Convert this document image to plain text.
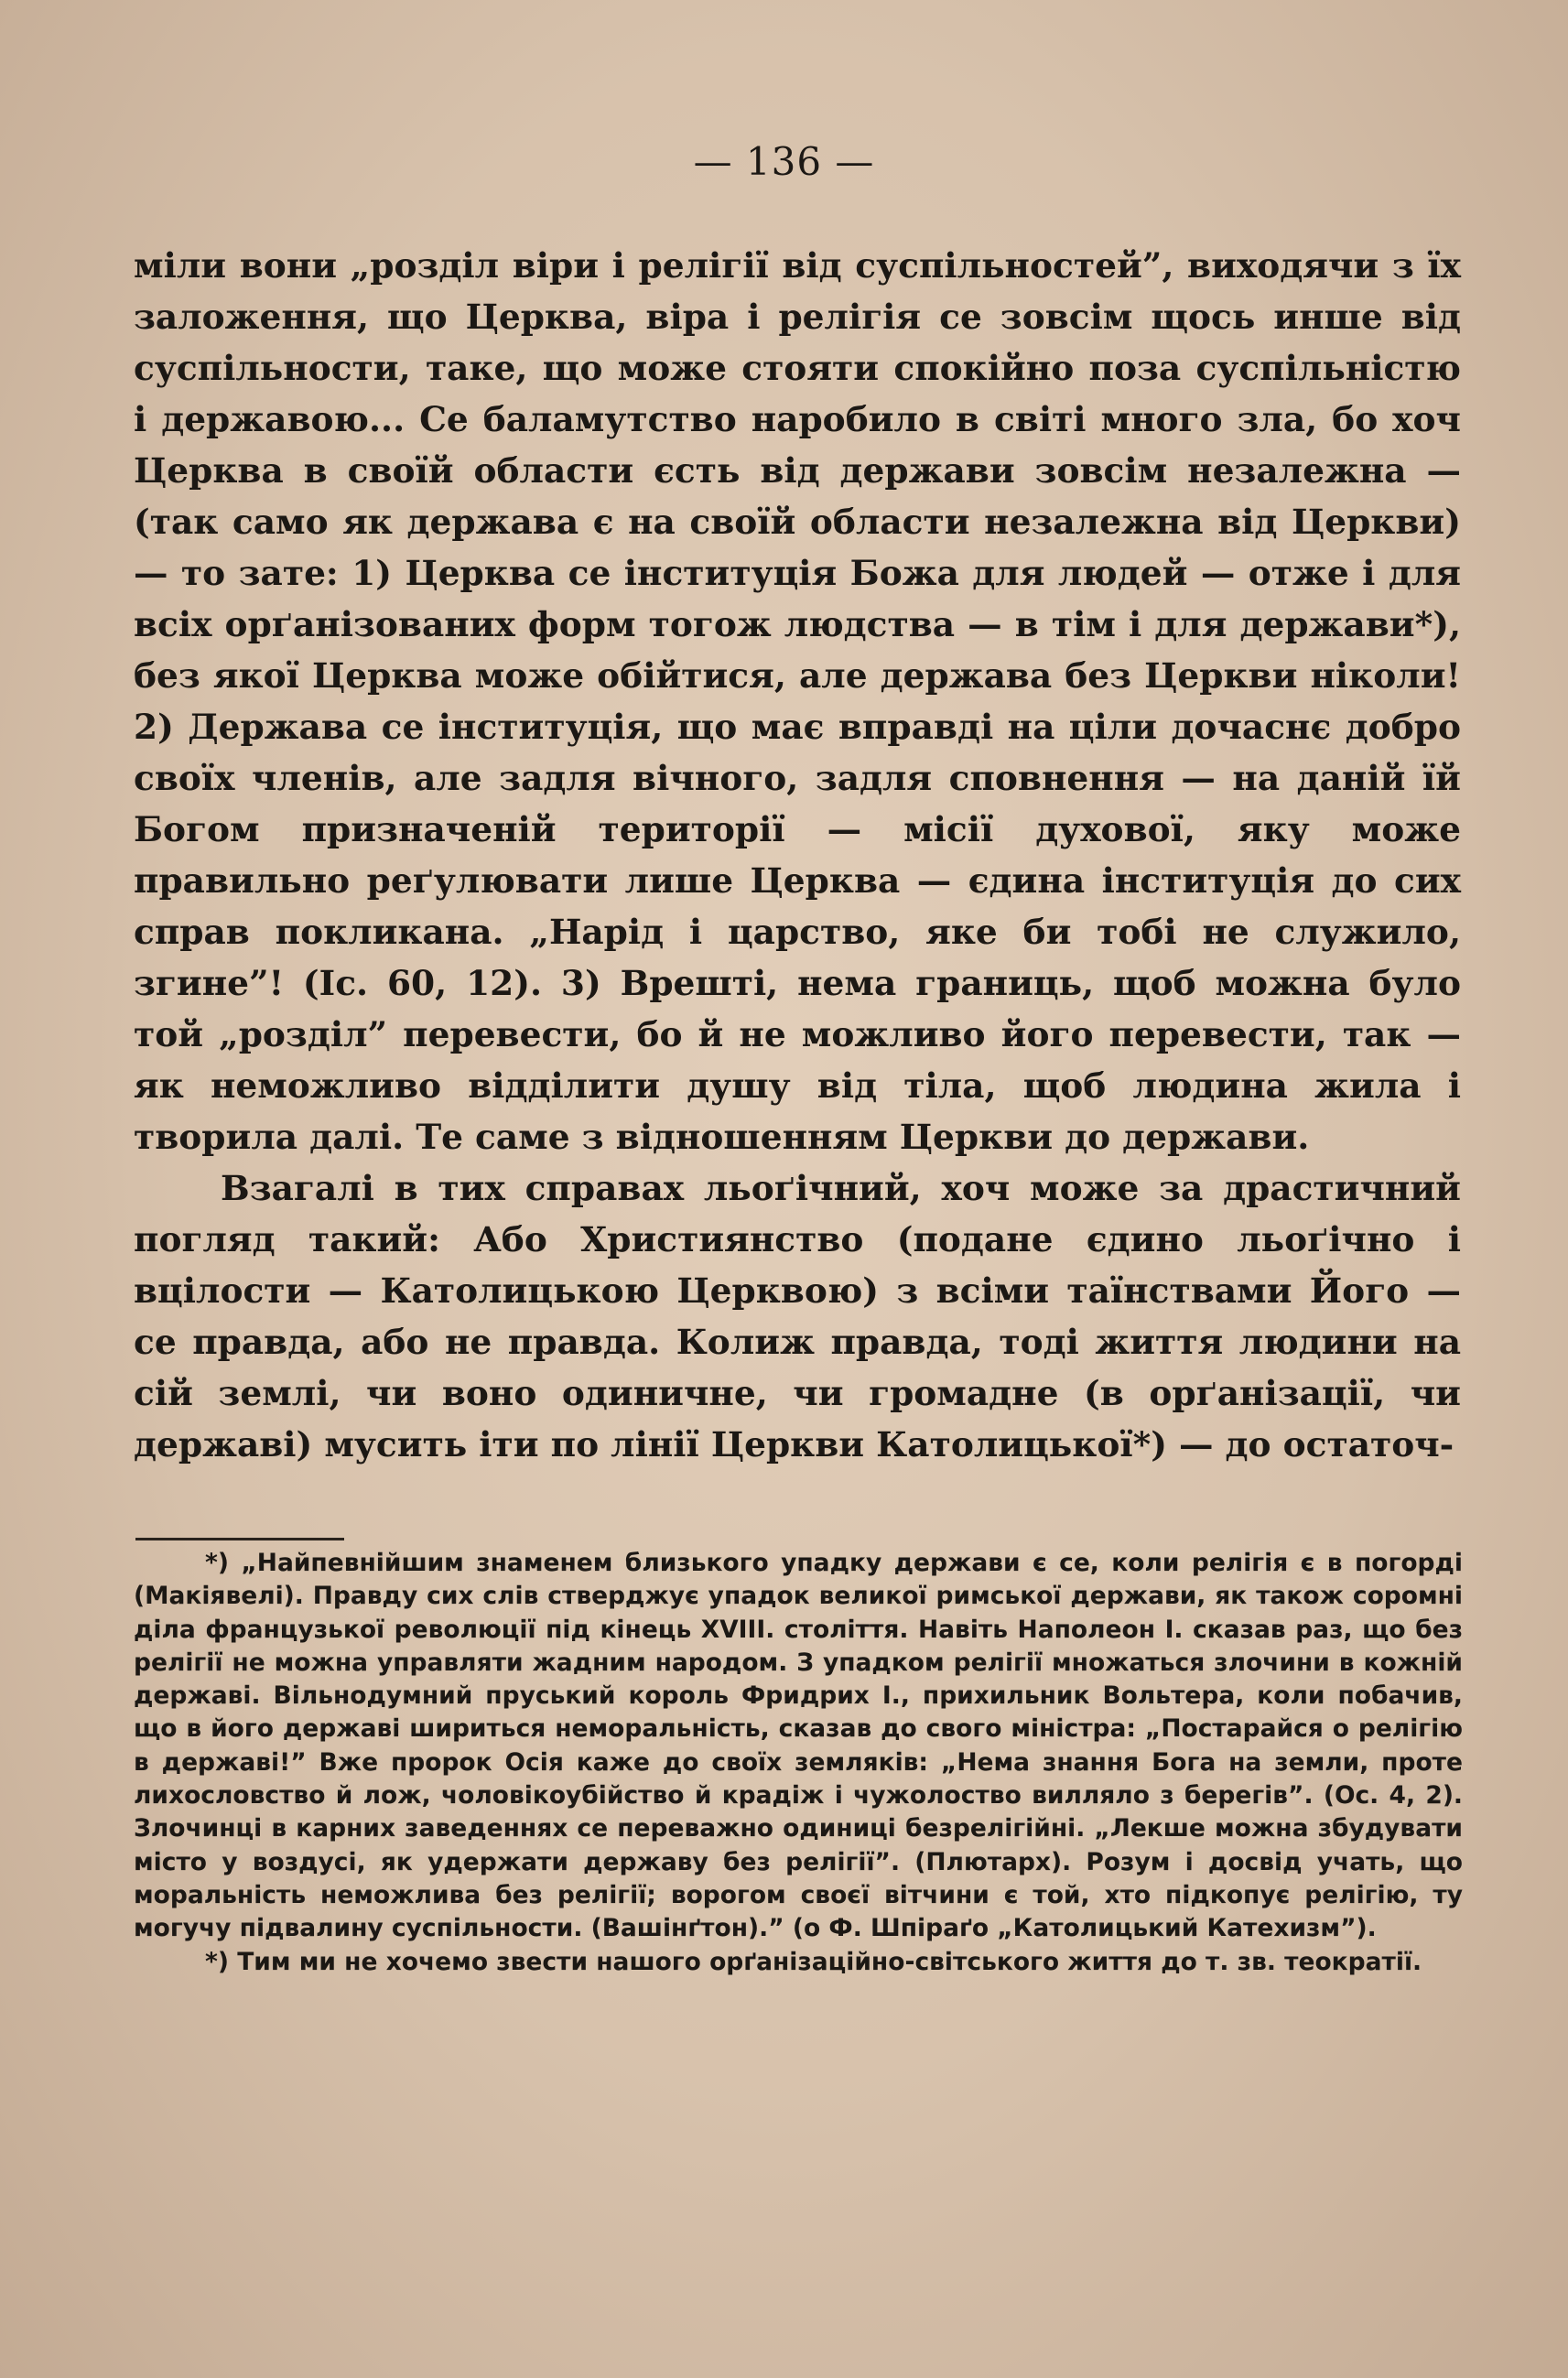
— 136 —

міли вони „розділ віри і релігії від суспільностей”, виходячи з їх заложення, що Церква, віра і релігія се зовсім щось инше від суспільности, таке, що може стояти спокійно поза суспільністю і державою... Се баламутство наробило в світі много зла, бо хоч Церква в своїй области єсть від держави зовсім незалежна — (так само як держава є на своїй области незалежна від Церкви) — то зате: 1) Церква се інституція Божа для людей — отже і для всіх орґанізованих форм тогож людства — в тім і для держави*), без якої Церква може обійтися, але держава без Церкви ніколи! 2) Держава се інституція, що має вправді на ціли дочаснє добро своїх членів, але задля вічного, задля сповнення — на даній їй Богом призначеній території — місії духової, яку може правильно реґулювати лише Церква — єдина інституція до сих справ покликана. „Нарід і царство, яке би тобі не служило, згине”! (Іс. 60, 12). 3) Врешті, нема границь, щоб можна було той „розділ” перевести, бо й не можливо його перевести, так — як неможливо відділити душу від тіла, щоб людина жила і творила далі. Те саме з відношенням Церкви до держави.

Взагалі в тих справах льоґічний, хоч може за драстичний погляд такий: Або Християнство (подане єдино льоґічно і вцілости — Католицькою Церквою) з всіми таїнствами Його — се правда, або не правда. Колиж правда, тоді життя людини на сій землі, чи воно одиничне, чи громадне (в орґанізації, чи державі) мусить іти по лінії Церкви Католицької*) — до остаточ-

*) „Найпевнійшим знаменем близького упадку держави є се, коли релігія є в погорді (Макіявелі). Правду сих слів стверджує упадок великої римської держави, як також соромні діла французької революції під кінець XVIII. століття. Навіть Наполеон І. сказав раз, що без релігії не можна управляти жадним народом. З упадком релігії множаться злочини в кожній державі. Вільнодумний пруський король Фридрих І., прихильник Вольтера, коли побачив, що в його державі шириться неморальність, сказав до свого міністра: „Постарайся о релігію в державі!” Вже пророк Осія каже до своїх земляків: „Нема знання Бога на земли, проте лихословство й лож, чоловікоубійство й крадіж і чужолоство вилляло з берегів”. (Ос. 4, 2). Злочинці в карних заведеннях се переважно одиниці безрелігійні. „Лекше можна збудувати місто у воздусі, як удержати державу без релігії”. (Плютарх). Розум і досвід учать, що моральність неможлива без релігії; ворогом своєї вітчини є той, хто підкопує релігію, ту могучу підвалину суспільности. (Вашінґтон).” (о Ф. Шпіраґо „Католицький Катехизм”).

*) Тим ми не хочемо звести нашого орґанізаційно-світського життя до т. зв. теократії.
